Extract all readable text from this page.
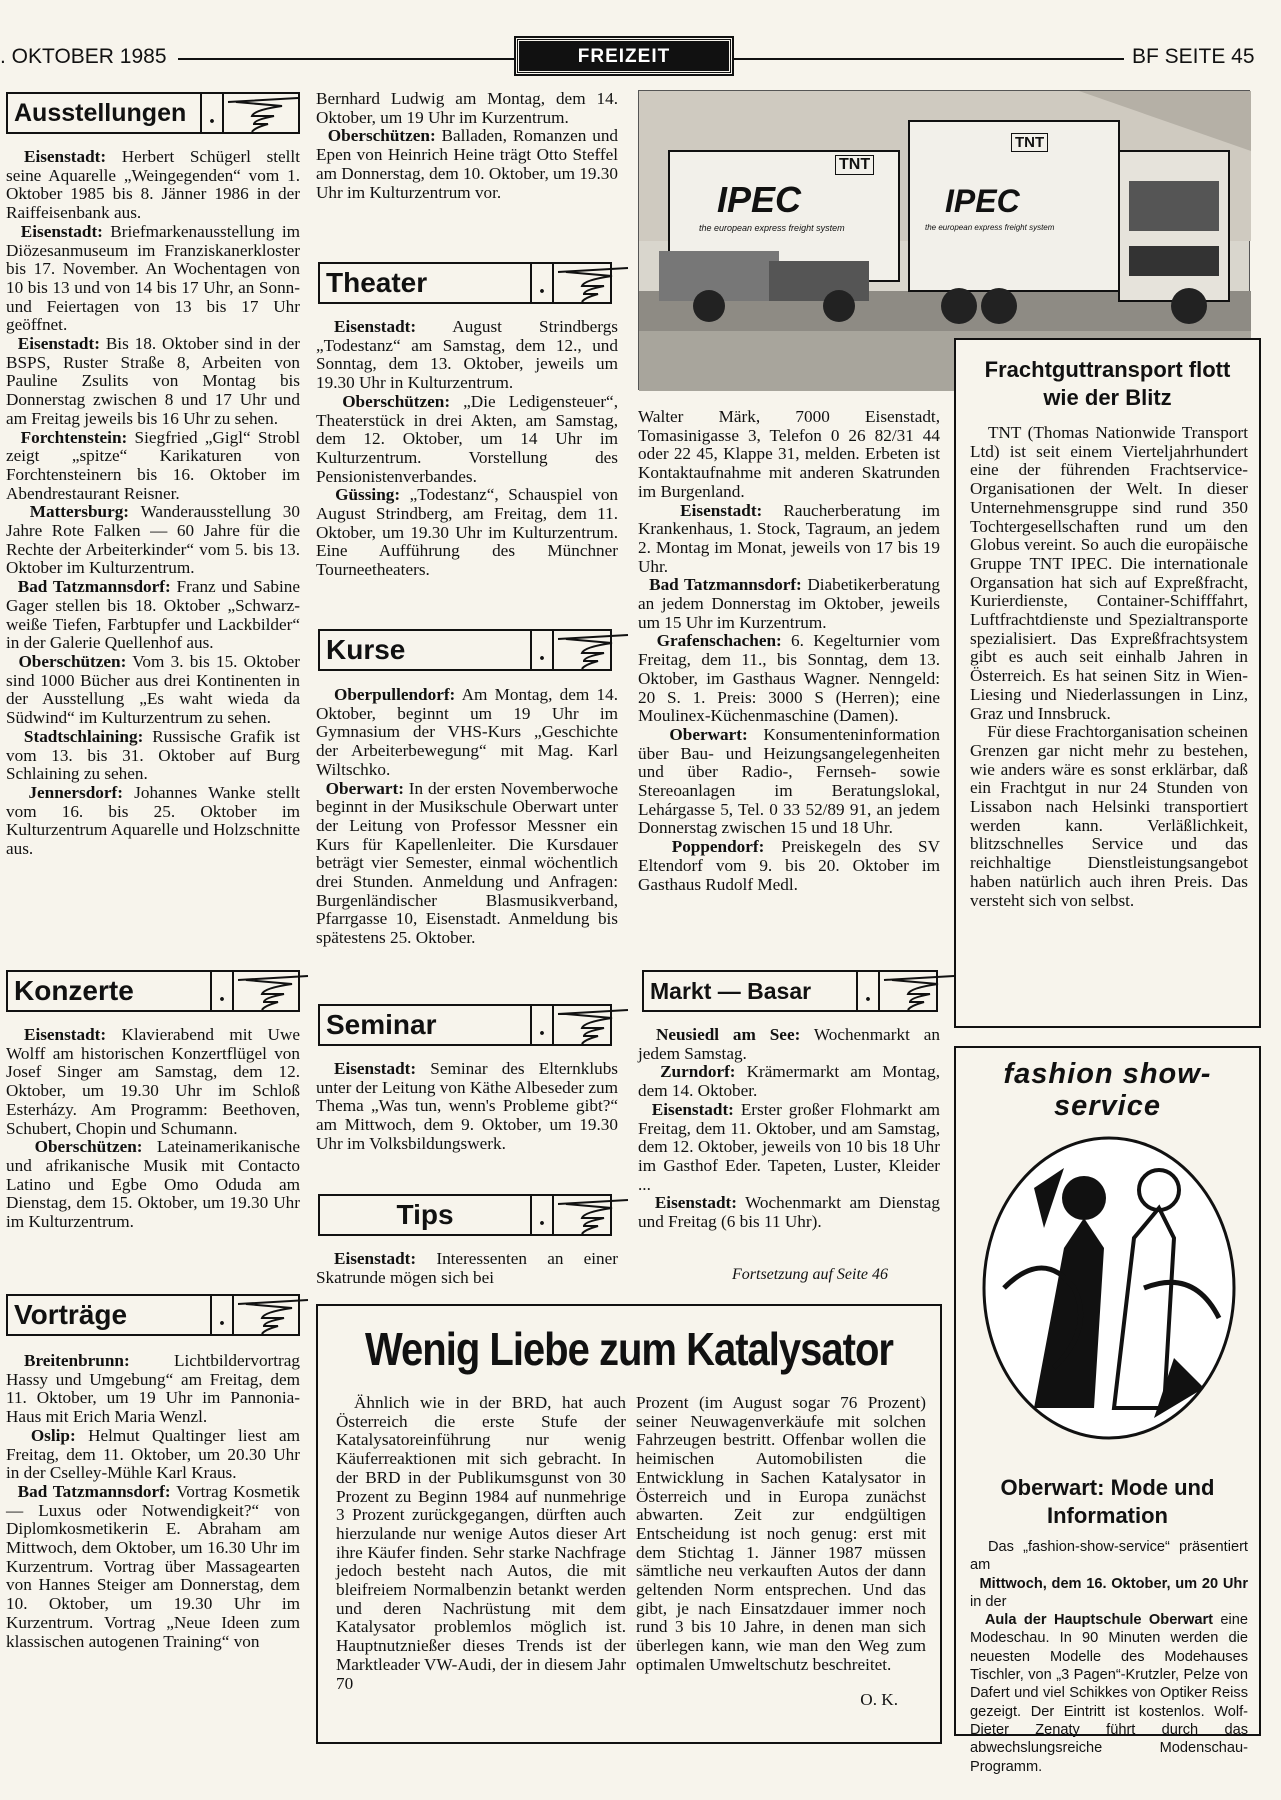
. OKTOBER 1985	FREIZEIT	BF SEITE 45
Ausstellungen .

Eisenstadt: Herbert Schügerl stellt seine Aquarelle „Weingegenden“ vom 1. Oktober 1985 bis 8. Jänner 1986 in der Raiffeisenbank aus.
​  Eisenstadt: Briefmarkenausstellung im Diözesanmuseum im Franziskanerkloster bis 17. November. An Wochentagen von 10 bis 13 und von 14 bis 17 Uhr, an Sonn- und Feiertagen von 13 bis 17 Uhr geöffnet.
​  Eisenstadt: Bis 18. Oktober sind in der BSPS, Ruster Straße 8, Arbeiten von Pauline Zsulits von Montag bis Donnerstag zwischen 8 und 17 Uhr und am Freitag jeweils bis 16 Uhr zu sehen.
​  Forchtenstein: Siegfried „Gigl“ Strobl zeigt „spitze“ Karikaturen von Forchtensteinern bis 16. Oktober im Abendrestaurant Reisner.
​  Mattersburg: Wanderausstellung 30 Jahre Rote Falken — 60 Jahre für die Rechte der Arbeiterkinder“ vom 5. bis 13. Oktober im Kulturzentrum.
​  Bad Tatzmannsdorf: Franz und Sabine Gager stellen bis 18. Oktober „Schwarz-weiße Tiefen, Farbtupfer und Lackbilder“ in der Galerie Quellenhof aus.
​  Oberschützen: Vom 3. bis 15. Oktober sind 1000 Bücher aus drei Kontinenten in der Ausstellung „Es waht wieda da Südwind“ im Kulturzentrum zu sehen.
​  Stadtschlaining: Russische Grafik ist vom 13. bis 31. Oktober auf Burg Schlaining zu sehen.
​  Jennersdorf: Johannes Wanke stellt vom 16. bis 25. Oktober im Kulturzentrum Aquarelle und Holzschnitte aus.

Konzerte	.

Eisenstadt: Klavierabend mit Uwe Wolff am historischen Konzertflügel von Josef Singer am Samstag, dem 12. Oktober, um 19.30 Uhr im Schloß Esterházy. Am Programm: Beethoven, Schubert, Chopin und Schumann.
​  Oberschützen: Lateinamerikanische und afrikanische Musik mit Contacto Latino und Egbe Omo Oduda am Dienstag, dem 15. Oktober, um 19.30 Uhr im Kulturzentrum.

Vorträge	.

Breitenbrunn: Lichtbildervortrag Hassy und Umgebung“ am Freitag, dem 11. Oktober, um 19 Uhr im Pannonia-Haus mit Erich Maria Wenzl.
​  Oslip: Helmut Qualtinger liest am Freitag, dem 11. Oktober, um 20.30 Uhr in der Cselley-Mühle Karl Kraus.
​  Bad Tatzmannsdorf: Vortrag Kosmetik — Luxus oder Notwendigkeit?“ von Diplomkosmetikerin E. Abraham am Mittwoch, dem Oktober, um 16.30 Uhr im Kurzentrum. Vortrag über Massagearten von Hannes Steiger am Donnerstag, dem 10. Oktober, um 19.30 Uhr im Kurzentrum. Vortrag „Neue Ideen zum klassischen autogenen Training“ von

Bernhard Ludwig am Montag, dem 14. Oktober, um 19 Uhr im Kurzentrum.
​  Oberschützen: Balladen, Romanzen und Epen von Heinrich Heine trägt Otto Steffel am Donnerstag, dem 10. Oktober, um 19.30 Uhr im Kulturzentrum vor.

Theater	.

Eisenstadt: August Strindbergs „Todestanz“ am Samstag, dem 12., und Sonntag, dem 13. Oktober, jeweils um 19.30 Uhr in Kulturzentrum.
​  Oberschützen: „Die Ledigensteuer“, Theaterstück in drei Akten, am Samstag, dem 12. Oktober, um 14 Uhr im Kulturzentrum. Vorstellung des Pensionistenverbandes.
​  Güssing: „Todestanz“, Schauspiel von August Strindberg, am Freitag, dem 11. Oktober, um 19.30 Uhr im Kulturzentrum. Eine Aufführung des Münchner Tourneetheaters.

Kurse	.

Oberpullendorf: Am Montag, dem 14. Oktober, beginnt um 19 Uhr im Gymnasium der VHS-Kurs „Geschichte der Arbeiterbewegung“ mit Mag. Karl Wiltschko.
​  Oberwart: In der ersten Novemberwoche beginnt in der Musikschule Oberwart unter der Leitung von Professor Messner ein Kurs für Kapellenleiter. Die Kursdauer beträgt vier Semester, einmal wöchentlich drei Stunden. Anmeldung und Anfragen: Burgenländischer Blasmusikverband, Pfarrgasse 10, Eisenstadt. Anmeldung bis spätestens 25. Oktober.

Seminar	.

Eisenstadt: Seminar des Elternklubs unter der Leitung von Käthe Albeseder zum Thema „Was tun, wenn's Probleme gibt?“ am Mittwoch, dem 9. Oktober, um 19.30 Uhr im Volksbildungswerk.

Tips	.

Eisenstadt: Interessenten an einer Skatrunde mögen sich bei

IPEC
the european express freight system
TNT
IPEC
the european express freight system
TNT

Walter Märk, 7000 Eisenstadt, Tomasinigasse 3, Telefon 0 26 82/31 44 oder 22 45, Klappe 31, melden. Erbeten ist Kontaktaufnahme mit anderen Skatrunden im Burgenland.
​  Eisenstadt: Raucherberatung im Krankenhaus, 1. Stock, Tagraum, an jedem 2. Montag im Monat, jeweils von 17 bis 19 Uhr.
​  Bad Tatzmannsdorf: Diabetikerberatung an jedem Donnerstag im Oktober, jeweils um 15 Uhr im Kurzentrum.
​  Grafenschachen: 6. Kegelturnier vom Freitag, dem 11., bis Sonntag, dem 13. Oktober, im Gasthaus Wagner. Nenngeld: 20 S. 1. Preis: 3000 S (Herren); eine Moulinex-Küchenmaschine (Damen).
​  Oberwart: Konsumenteninformation über Bau- und Heizungsangelegenheiten und über Radio-, Fernseh- sowie Stereoanlagen im Beratungslokal, Lehárgasse 5, Tel. 0 33 52/89 91, an jedem Donnerstag zwischen 15 und 18 Uhr.
​  Poppendorf: Preiskegeln des SV Eltendorf vom 9. bis 20. Oktober im Gasthaus Rudolf Medl.

Markt — Basar	.

Neusiedl am See: Wochenmarkt an jedem Samstag.
​  Zurndorf: Krämermarkt am Montag, dem 14. Oktober.
​  Eisenstadt: Erster großer Flohmarkt am Freitag, dem 11. Oktober, und am Samstag, dem 12. Oktober, jeweils von 10 bis 18 Uhr im Gasthof Eder. Tapeten, Luster, Kleider ...
​  Eisenstadt: Wochenmarkt am Dienstag und Freitag (6 bis 11 Uhr).

Fortsetzung auf Seite 46
Frachtguttransport flott wie der Blitz

TNT (Thomas Nationwide Transport Ltd) ist seit einem Vierteljahrhundert eine der führenden Frachtservice-Organisationen der Welt. In dieser Unternehmensgruppe sind rund 350 Tochtergesellschaften rund um den Globus vereint. So auch die europäische Gruppe TNT IPEC. Die internationale Organsation hat sich auf Expreßfracht, Kurierdienste, Container-Schifffahrt, Luftfrachtdienste und Spezialtransporte spezialisiert. Das Expreßfrachtsystem gibt es auch seit einhalb Jahren in Österreich. Es hat seinen Sitz in Wien-Liesing und Niederlassungen in Linz, Graz und Innsbruck.
Für diese Frachtorganisation scheinen Grenzen gar nicht mehr zu bestehen, wie anders wäre es sonst erklärbar, daß ein Frachtgut in nur 24 Stunden von Lissabon nach Helsinki transportiert werden kann. Verläßlichkeit, blitzschnelles Service und das reichhaltige Dienstleistungsangebot haben natürlich auch ihren Preis. Das versteht sich von selbst.

fashion show-service
Oberwart: Mode und Information

Das „fashion-show-service“ präsentiert am
​  Mittwoch, dem 16. Oktober, um 20 Uhr in der
​  Aula der Hauptschule Oberwart eine Modeschau. In 90 Minuten werden die neuesten Modelle des Modehauses Tischler, von „3 Pagen“-Krutzler, Pelze von Dafert und viel Schikkes von Optiker Reiss gezeigt. Der Eintritt ist kostenlos. Wolf-Dieter Zenaty führt durch das abwechslungsreiche Modenschau-Programm.

Wenig Liebe zum Katalysator

Ähnlich wie in der BRD, hat auch Österreich die erste Stufe der Katalysatoreinführung nur wenig Käuferreaktionen mit sich gebracht. In der BRD in der Publikumsgunst von 30 Prozent zu Beginn 1984 auf nunmehrige 3 Prozent zurückgegangen, dürften auch hierzulande nur wenige Autos dieser Art ihre Käufer finden. Sehr starke Nachfrage jedoch besteht nach Autos, die mit bleifreiem Normalbenzin betankt werden und deren Nachrüstung mit dem Katalysator problemlos möglich ist. Hauptnutznießer dieses Trends ist der Marktleader VW-Audi, der in diesem Jahr 70

Prozent (im August sogar 76 Prozent) seiner Neuwagenverkäufe mit solchen Fahrzeugen bestritt. Offenbar wollen die heimischen Automobilisten die Entwicklung in Sachen Katalysator in Österreich und in Europa zunächst abwarten. Zeit zur endgültigen Entscheidung ist noch genug: erst mit dem Stichtag 1. Jänner 1987 müssen sämtliche neu verkauften Autos der dann geltenden Norm entsprechen. Und das gibt, je nach Einsatzdauer immer noch rund 3 bis 10 Jahre, in denen man sich überlegen kann, wie man den Weg zum optimalen Umweltschutz beschreitet.

O. K.
